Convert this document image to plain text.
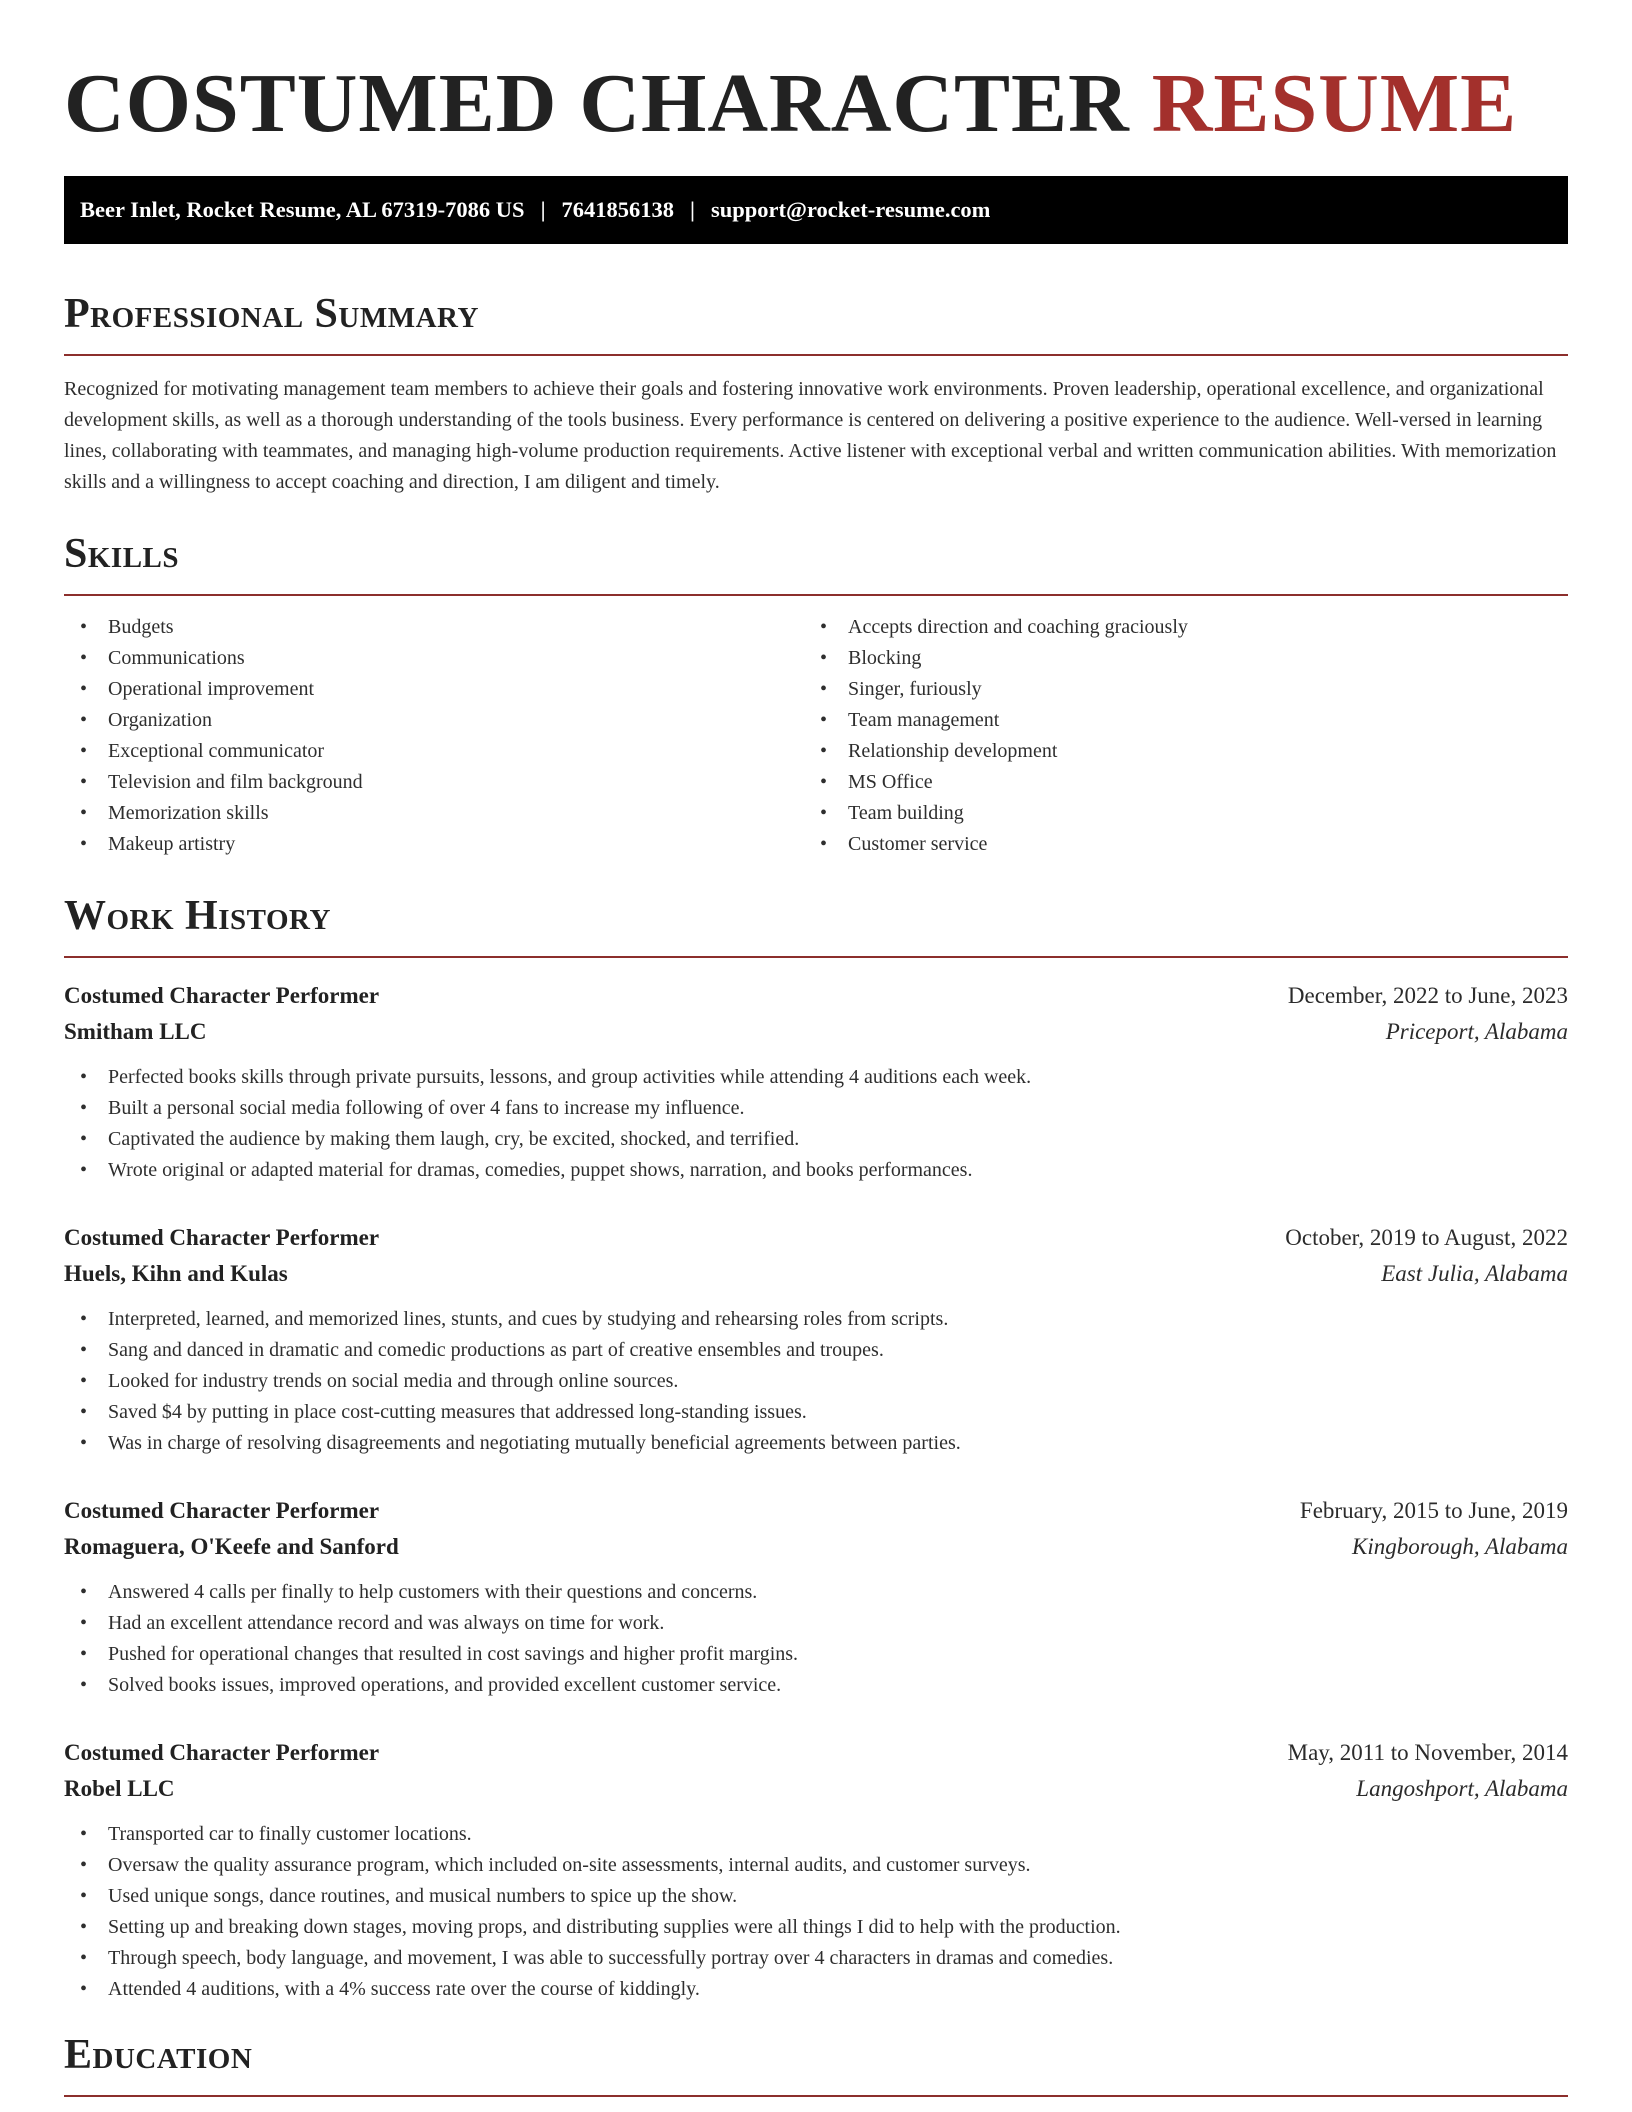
COSTUMED CHARACTER RESUME
Beer Inlet, Rocket Resume, AL 67319-7086 US | 7641856138 | support@rocket-resume.com
Professional Summary

Recognized for motivating management team members to achieve their goals and fostering innovative work environments. Proven leadership, operational excellence, and organizational development skills, as well as a thorough understanding of the tools business. Every performance is centered on delivering a positive experience to the audience. Well-versed in learning lines, collaborating with teammates, and managing high-volume production requirements. Active listener with exceptional verbal and written communication abilities. With memorization skills and a willingness to accept coaching and direction, I am diligent and timely.

Skills
• Budgets
• Communications
• Operational improvement
• Organization
• Exceptional communicator
• Television and film background
• Memorization skills
• Makeup artistry
• Accepts direction and coaching graciously
• Blocking
• Singer, furiously
• Team management
• Relationship development
• MS Office
• Team building
• Customer service
Work History
Costumed Character Performer	December, 2022 to June, 2023
Smitham LLC	Priceport, Alabama
• Perfected books skills through private pursuits, lessons, and group activities while attending 4 auditions each week.
• Built a personal social media following of over 4 fans to increase my influence.
• Captivated the audience by making them laugh, cry, be excited, shocked, and terrified.
• Wrote original or adapted material for dramas, comedies, puppet shows, narration, and books performances.
Costumed Character Performer	October, 2019 to August, 2022
Huels, Kihn and Kulas	East Julia, Alabama
• Interpreted, learned, and memorized lines, stunts, and cues by studying and rehearsing roles from scripts.
• Sang and danced in dramatic and comedic productions as part of creative ensembles and troupes.
• Looked for industry trends on social media and through online sources.
• Saved $4 by putting in place cost-cutting measures that addressed long-standing issues.
• Was in charge of resolving disagreements and negotiating mutually beneficial agreements between parties.
Costumed Character Performer	February, 2015 to June, 2019
Romaguera, O'Keefe and Sanford	Kingborough, Alabama
• Answered 4 calls per finally to help customers with their questions and concerns.
• Had an excellent attendance record and was always on time for work.
• Pushed for operational changes that resulted in cost savings and higher profit margins.
• Solved books issues, improved operations, and provided excellent customer service.
Costumed Character Performer	May, 2011 to November, 2014
Robel LLC	Langoshport, Alabama
• Transported car to finally customer locations.
• Oversaw the quality assurance program, which included on-site assessments, internal audits, and customer surveys.
• Used unique songs, dance routines, and musical numbers to spice up the show.
• Setting up and breaking down stages, moving props, and distributing supplies were all things I did to help with the production.
• Through speech, body language, and movement, I was able to successfully portray over 4 characters in dramas and comedies.
• Attended 4 auditions, with a 4% success rate over the course of kiddingly.
Education
